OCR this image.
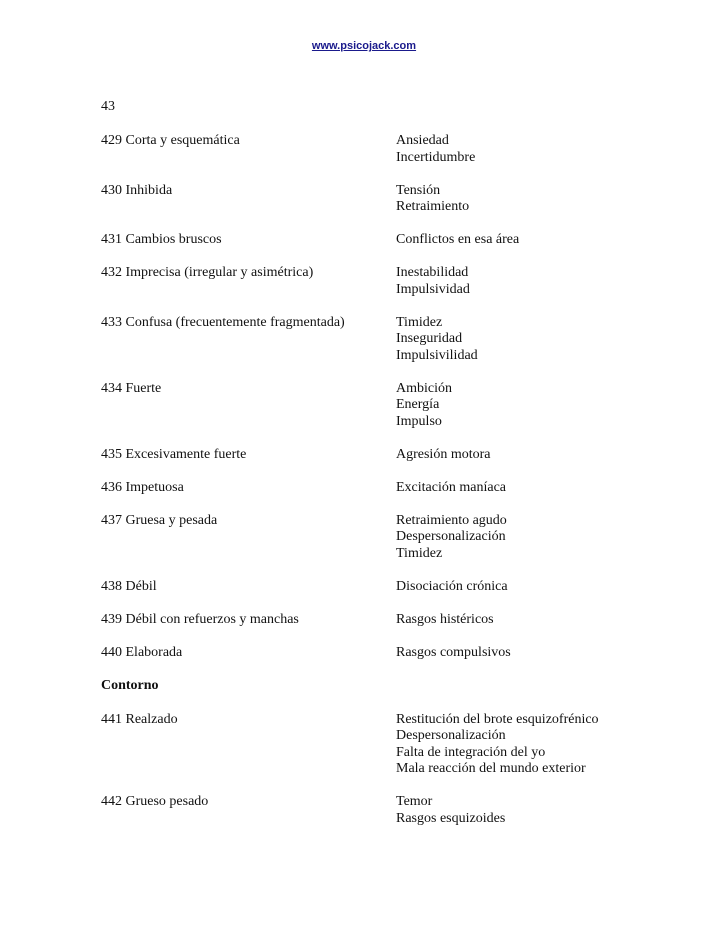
www.psicojack.com
43
429 Corta y esquemática	Ansiedad
Incertidumbre
430 Inhibida	Tensión
Retraimiento
431 Cambios bruscos	Conflictos en esa área
432 Imprecisa (irregular y asimétrica)	Inestabilidad
Impulsividad
433 Confusa (frecuentemente fragmentada)	Timidez
Inseguridad
Impulsivilidad
434 Fuerte	Ambición
Energía
Impulso
435 Excesivamente fuerte	Agresión motora
436 Impetuosa	Excitación maníaca
437 Gruesa y pesada	Retraimiento agudo
Despersonalización
Timidez
438 Débil	Disociación crónica
439 Débil con refuerzos y manchas	Rasgos histéricos
440 Elaborada	Rasgos compulsivos
Contorno
441 Realzado	Restitución del brote esquizofrénico
Despersonalización
Falta de integración del yo
Mala reacción del mundo exterior
442 Grueso pesado	Temor
Rasgos esquizoides
